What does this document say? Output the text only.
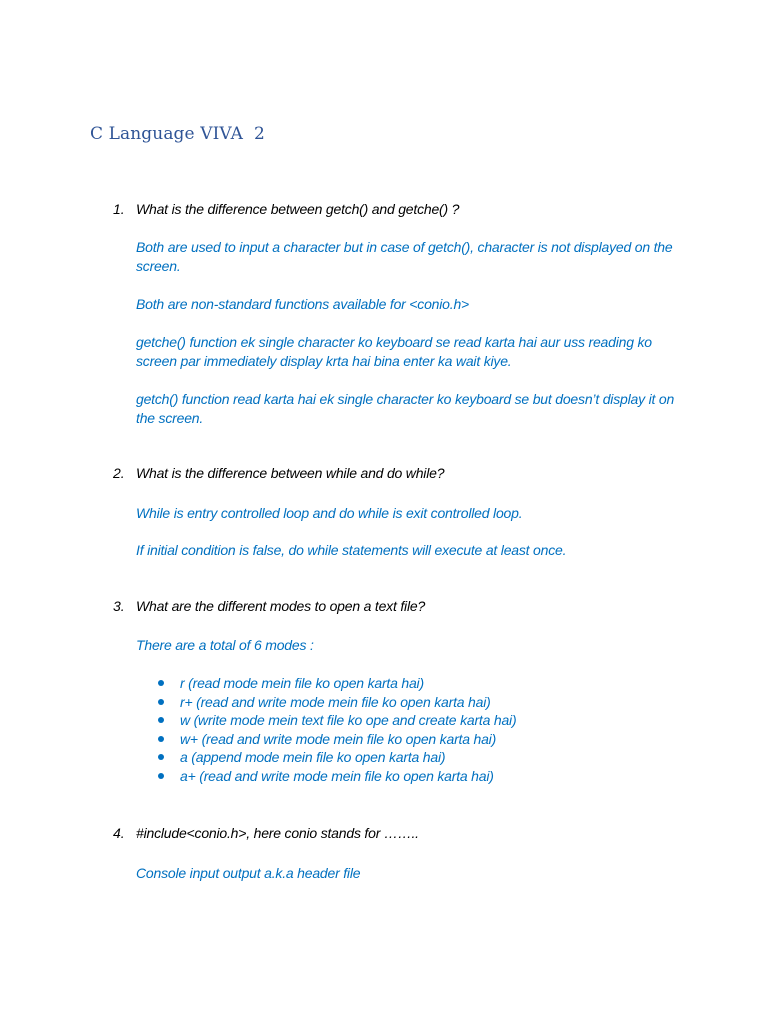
C Language VIVA  2
1. What is the difference between getch() and getche() ?

Both are used to input a character but in case of getch(), character is not displayed on the screen.

Both are non-standard functions available for <conio.h>

getche() function ek single character ko keyboard se read karta hai aur uss reading ko screen par immediately display krta hai bina enter ka wait kiye.

getch() function read karta hai ek single character ko keyboard se but doesn’t display it on the screen.

2. What is the difference between while and do while?

While is entry controlled loop and do while is exit controlled loop.

If initial condition is false, do while statements will execute at least once.

3. What are the different modes to open a text file?

There are a total of 6 modes :

r (read mode mein file ko open karta hai)
r+ (read and write mode mein file ko open karta hai)
w (write mode mein text file ko ope and create karta hai)
w+ (read and write mode mein file ko open karta hai)
a (append mode mein file ko open karta hai)
a+ (read and write mode mein file ko open karta hai)
4. #include<conio.h>, here conio stands for ……..

Console input output a.k.a header file
